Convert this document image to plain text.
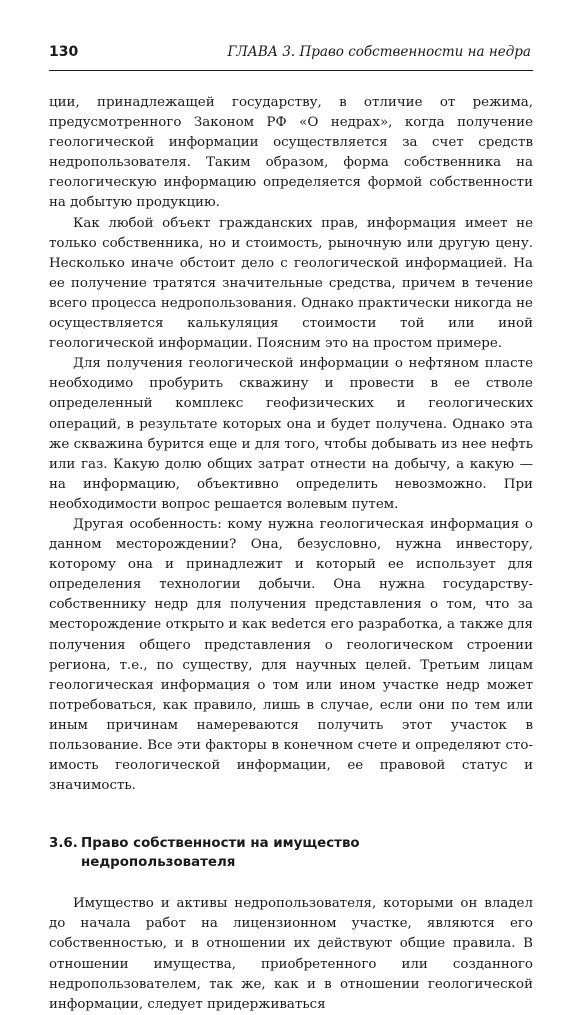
130	ГЛАВА 3. Право собственности на недра

ции, принадлежащей государству, в отличие от режима, предусмотренного Законом РФ «О недрах», когда получение геологической информации осуществляется за счет средств недропользователя. Таким образом, форма собственника на геологическую информацию определяется формой собственности на добытую продукцию.

Как любой объект гражданских прав, информация имеет не только собственника, но и стоимость, рыночную или другую цену. Несколько иначе обстоит дело с геологической информацией. На ее получение тратятся значительные средства, причем в течение всего процесса недропользования. Однако практически никогда не осуществляется калькуляция стоимости той или иной геологической информации. Поясним это на простом примере.

Для получения геологической информации о нефтяном пласте необходимо пробурить скважину и провести в ее стволе определенный комплекс геофизических и геологических операций, в результате которых она и будет получена. Однако эта же скважина бурится еще и для того, чтобы добывать из нее нефть или газ. Какую долю общих затрат отнести на добычу, а какую — на информацию, объективно определить невозможно. При необходимости вопрос решается волевым путем.

Другая особенность: кому нужна геологическая информация о данном месторождении? Она, безусловно, нужна инвестору, которому она и принадлежит и который ее использует для определения технологии добычи. Она нужна государству-собственнику недр для получения представления о том, что за месторождение открыто и как веdется его разработка, а также для получения общего представления о геологическом строении региона, т.е., по существу, для научных целей. Третьим лицам геологическая информация о том или ином участке недр может потребоваться, как правило, лишь в случае, если они по тем или иным причинам намереваются получить этот участок в пользование. Все эти факторы в конечном счете и определяют стоимость геологической информации, ее правовой статус и значимость.

3.6. Право собственности на имущество недропользователя

Имущество и активы недропользователя, которыми он владел до начала работ на лицензионном участке, являются его собственностью, и в отношении их действуют общие правила. В отношении имущества, приобретенного или созданного недропользователем, так же, как и в отношении геологической информации, следует придерживаться
